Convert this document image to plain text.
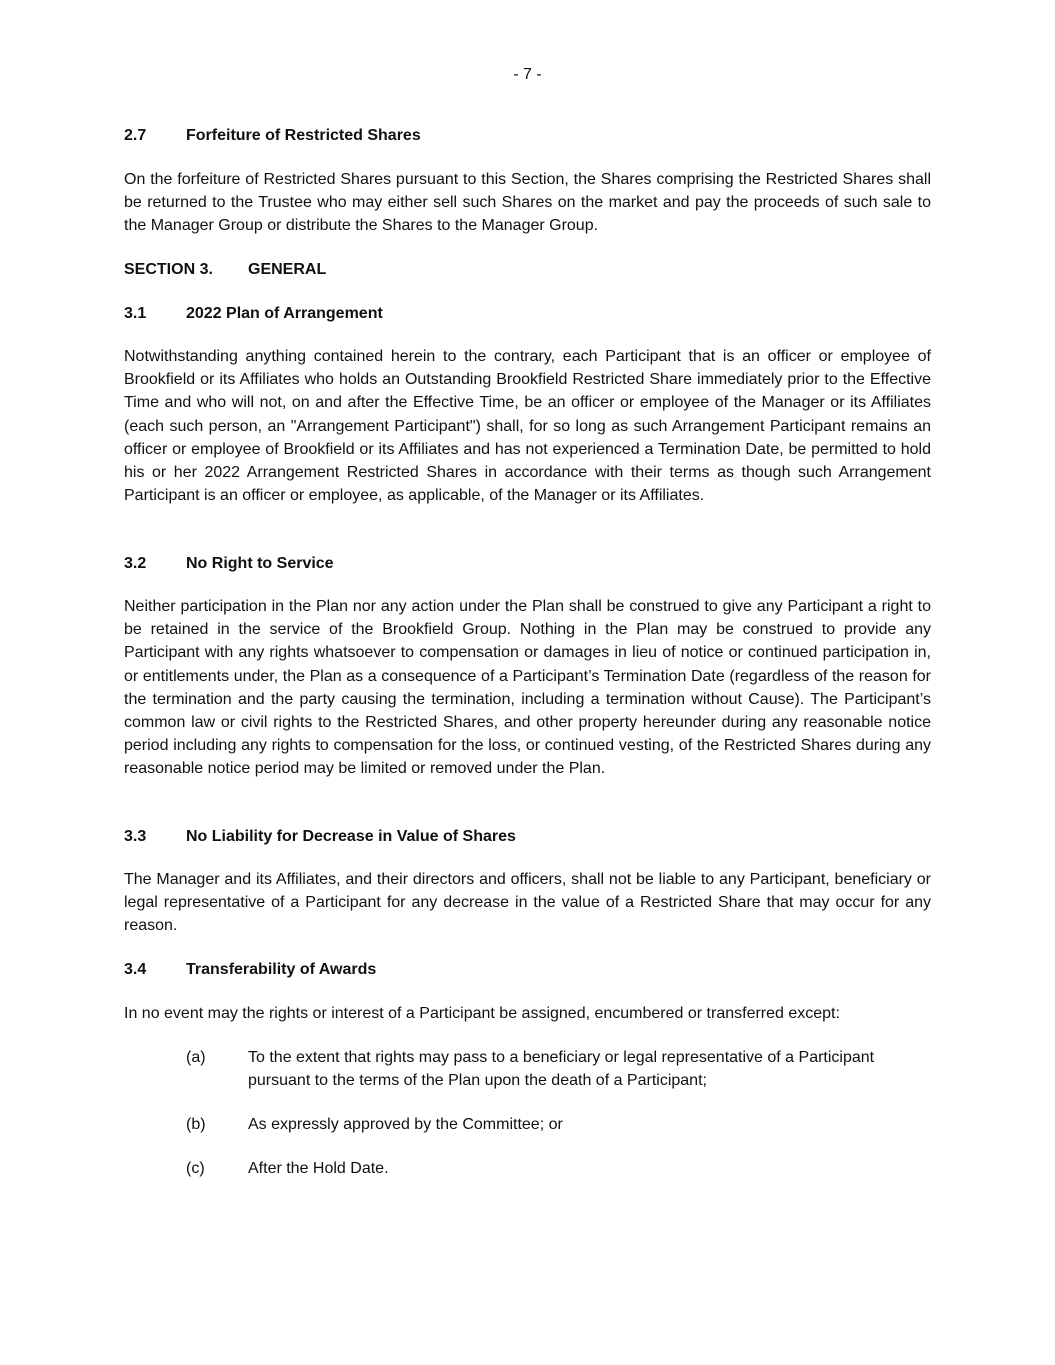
- 7 -
2.7 Forfeiture of Restricted Shares
On the forfeiture of Restricted Shares pursuant to this Section, the Shares comprising the Restricted Shares shall be returned to the Trustee who may either sell such Shares on the market and pay the proceeds of such sale to the Manager Group or distribute the Shares to the Manager Group.
SECTION 3. GENERAL
3.1 2022 Plan of Arrangement
Notwithstanding anything contained herein to the contrary, each Participant that is an officer or employee of Brookfield or its Affiliates who holds an Outstanding Brookfield Restricted Share immediately prior to the Effective Time and who will not, on and after the Effective Time, be an officer or employee of the Manager or its Affiliates (each such person, an "Arrangement Participant") shall, for so long as such Arrangement Participant remains an officer or employee of Brookfield or its Affiliates and has not experienced a Termination Date, be permitted to hold his or her 2022 Arrangement Restricted Shares in accordance with their terms as though such Arrangement Participant is an officer or employee, as applicable, of the Manager or its Affiliates.
3.2 No Right to Service
Neither participation in the Plan nor any action under the Plan shall be construed to give any Participant a right to be retained in the service of the Brookfield Group. Nothing in the Plan may be construed to provide any Participant with any rights whatsoever to compensation or damages in lieu of notice or continued participation in, or entitlements under, the Plan as a consequence of a Participant’s Termination Date (regardless of the reason for the termination and the party causing the termination, including a termination without Cause). The Participant’s common law or civil rights to the Restricted Shares, and other property hereunder during any reasonable notice period including any rights to compensation for the loss, or continued vesting, of the Restricted Shares during any reasonable notice period may be limited or removed under the Plan.
3.3 No Liability for Decrease in Value of Shares
The Manager and its Affiliates, and their directors and officers, shall not be liable to any Participant, beneficiary or legal representative of a Participant for any decrease in the value of a Restricted Share that may occur for any reason.
3.4 Transferability of Awards
In no event may the rights or interest of a Participant be assigned, encumbered or transferred except:
(a)	To the extent that rights may pass to a beneficiary or legal representative of a Participant pursuant to the terms of the Plan upon the death of a Participant;
(b)	As expressly approved by the Committee; or
(c)	After the Hold Date.
